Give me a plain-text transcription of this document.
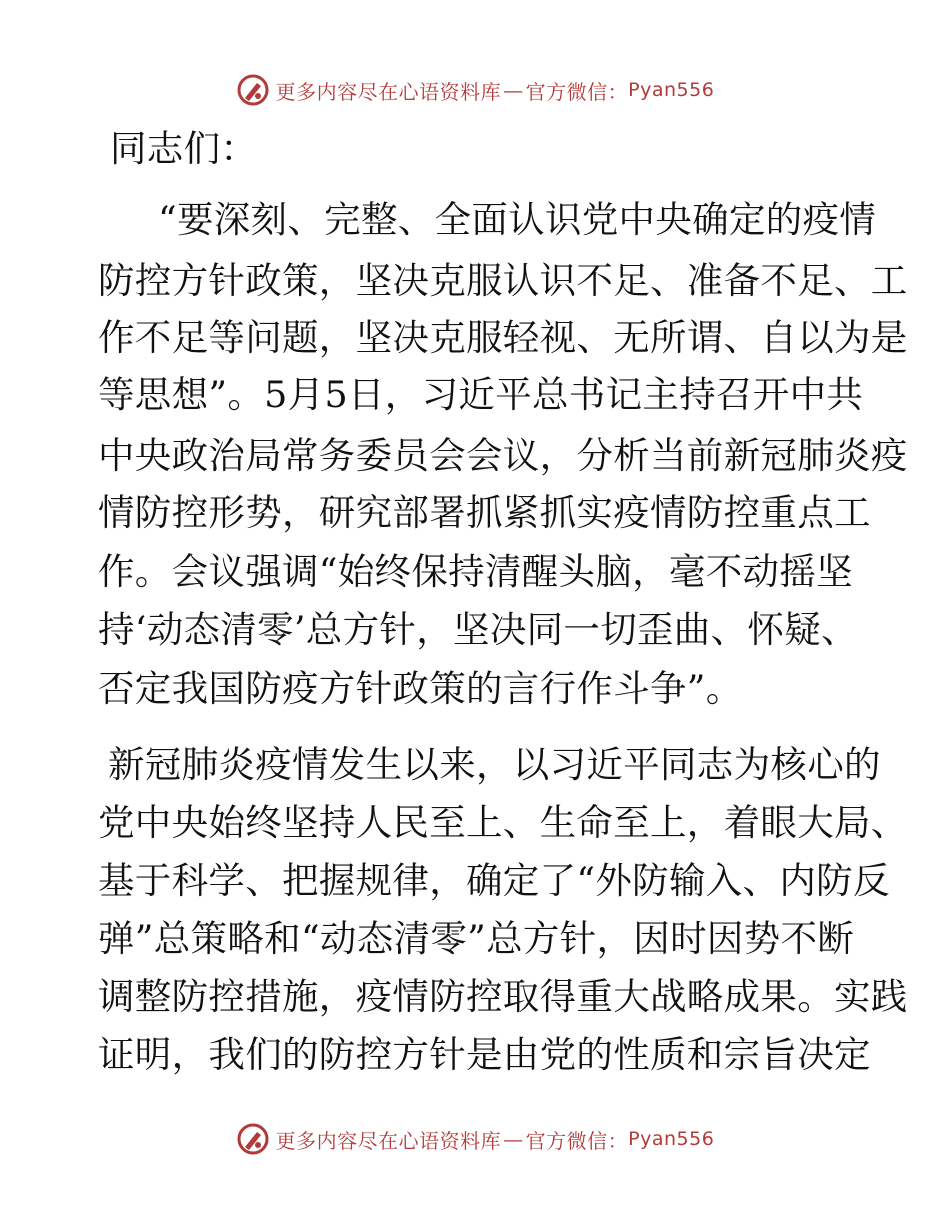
更多内容尽在心语资料库 — 官方微信： Pyan556
同志们：
“要深刻、完整、全面认识党中央确定的疫情
防控方针政策，坚决克服认识不足、准备不足、工
作不足等问题，坚决克服轻视、无所谓、自以为是
等思想”。5月5日，习近平总书记主持召开中共
中央政治局常务委员会会议，分析当前新冠肺炎疫
情防控形势，研究部署抓紧抓实疫情防控重点工
作。会议强调“始终保持清醒头脑，毫不动摇坚
持‘动态清零’总方针，坚决同一切歪曲、怀疑、
否定我国防疫方针政策的言行作斗争”。
新冠肺炎疫情发生以来，以习近平同志为核心的
党中央始终坚持人民至上、生命至上，着眼大局、
基于科学、把握规律，确定了“外防输入、内防反
弹”总策略和“动态清零”总方针，因时因势不断
调整防控措施，疫情防控取得重大战略成果。实践
证明，我们的防控方针是由党的性质和宗旨决定
更多内容尽在心语资料库 — 官方微信： Pyan556
